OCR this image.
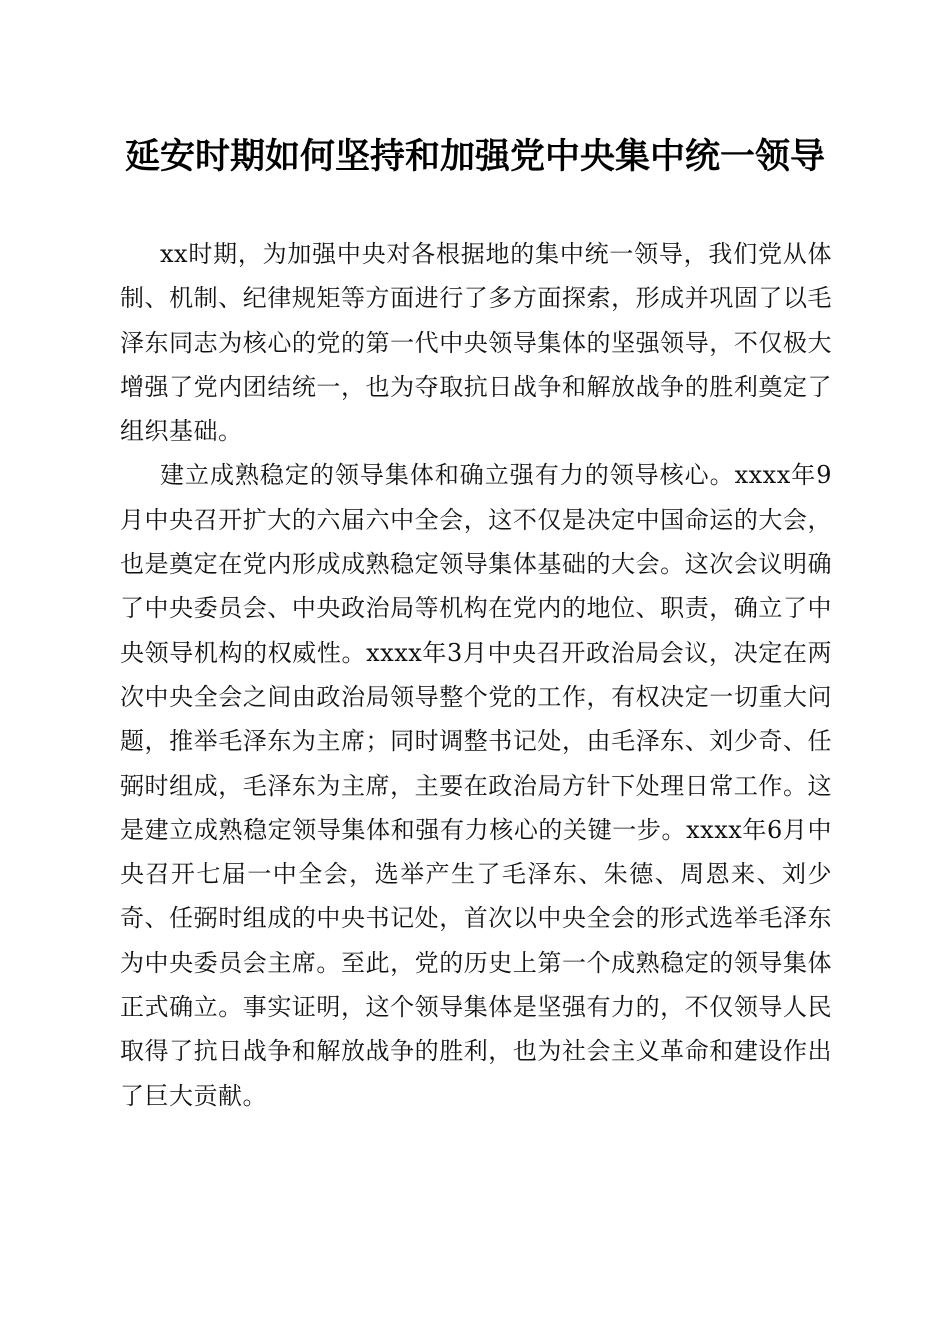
延安时期如何坚持和加强党中央集中统一领导

xx时期，为加强中央对各根据地的集中统一领导，我们党从体制、机制、纪律规矩等方面进行了多方面探索，形成并巩固了以毛泽东同志为核心的党的第一代中央领导集体的坚强领导，不仅极大增强了党内团结统一，也为夺取抗日战争和解放战争的胜利奠定了组织基础。

建立成熟稳定的领导集体和确立强有力的领导核心。xxxx年9月中央召开扩大的六届六中全会，这不仅是决定中国命运的大会，也是奠定在党内形成成熟稳定领导集体基础的大会。这次会议明确了中央委员会、中央政治局等机构在党内的地位、职责，确立了中央领导机构的权威性。xxxx年3月中央召开政治局会议，决定在两次中央全会之间由政治局领导整个党的工作，有权决定一切重大问题，推举毛泽东为主席；同时调整书记处，由毛泽东、刘少奇、任弼时组成，毛泽东为主席，主要在政治局方针下处理日常工作。这是建立成熟稳定领导集体和强有力核心的关键一步。xxxx年6月中央召开七届一中全会，选举产生了毛泽东、朱德、周恩来、刘少奇、任弼时组成的中央书记处，首次以中央全会的形式选举毛泽东为中央委员会主席。至此，党的历史上第一个成熟稳定的领导集体正式确立。事实证明，这个领导集体是坚强有力的，不仅领导人民取得了抗日战争和解放战争的胜利，也为社会主义革命和建设作出了巨大贡献。
